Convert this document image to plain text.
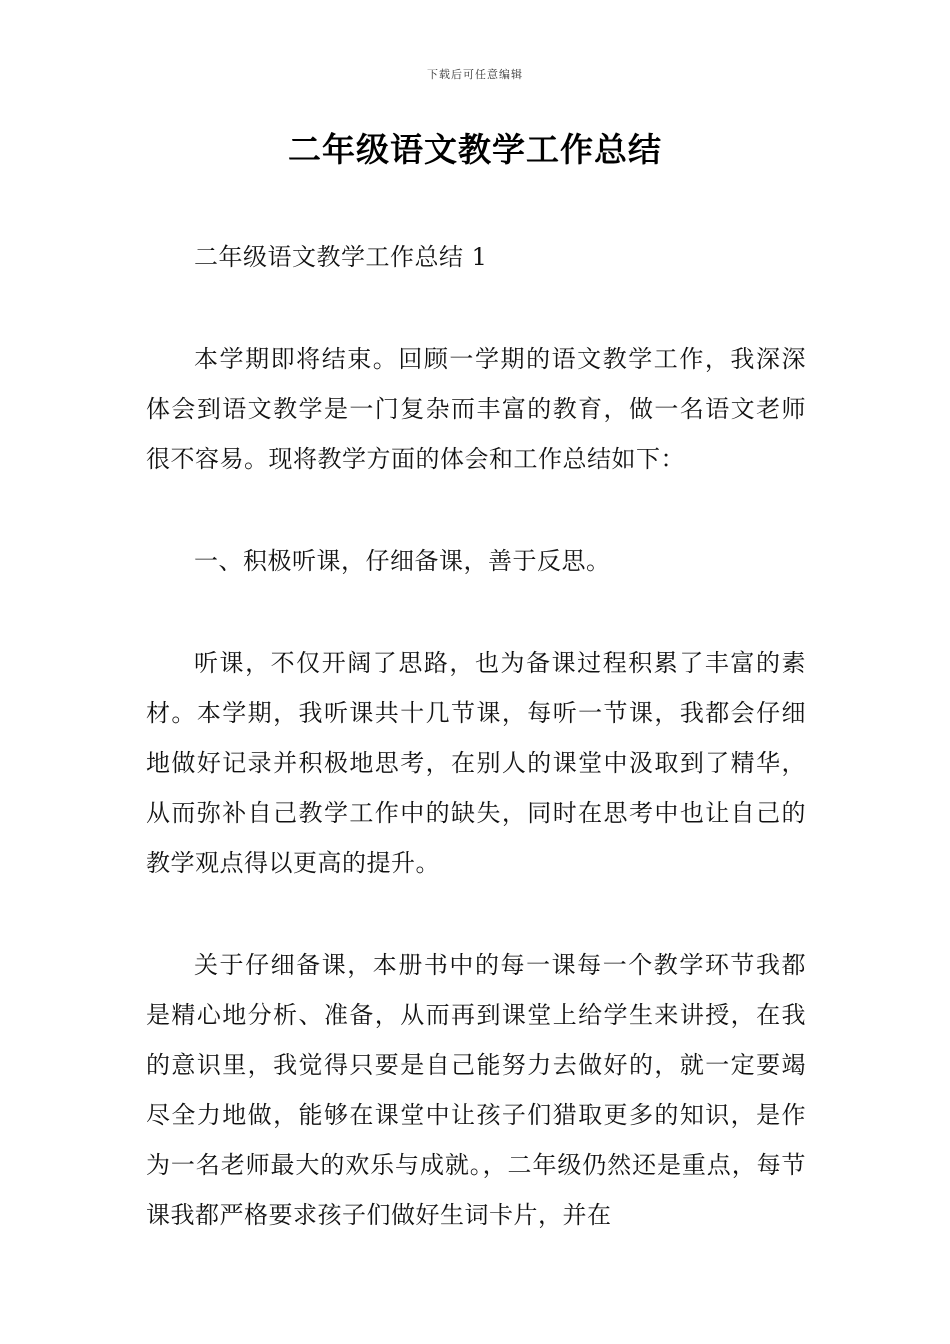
下载后可任意编辑
二年级语文教学工作总结

二年级语文教学工作总结 1

本学期即将结束。回顾一学期的语文教学工作，我深深体会到语文教学是一门复杂而丰富的教育，做一名语文老师很不容易。现将教学方面的体会和工作总结如下：

一、积极听课，仔细备课，善于反思。

听课，不仅开阔了思路，也为备课过程积累了丰富的素材。本学期，我听课共十几节课，每听一节课，我都会仔细地做好记录并积极地思考，在别人的课堂中汲取到了精华，从而弥补自己教学工作中的缺失，同时在思考中也让自己的教学观点得以更高的提升。

关于仔细备课，本册书中的每一课每一个教学环节我都是精心地分析、准备，从而再到课堂上给学生来讲授，在我的意识里，我觉得只要是自己能努力去做好的，就一定要竭尽全力地做，能够在课堂中让孩子们猎取更多的知识，是作为一名老师最大的欢乐与成就。，二年级仍然还是重点，每节课我都严格要求孩子们做好生词卡片，并在
